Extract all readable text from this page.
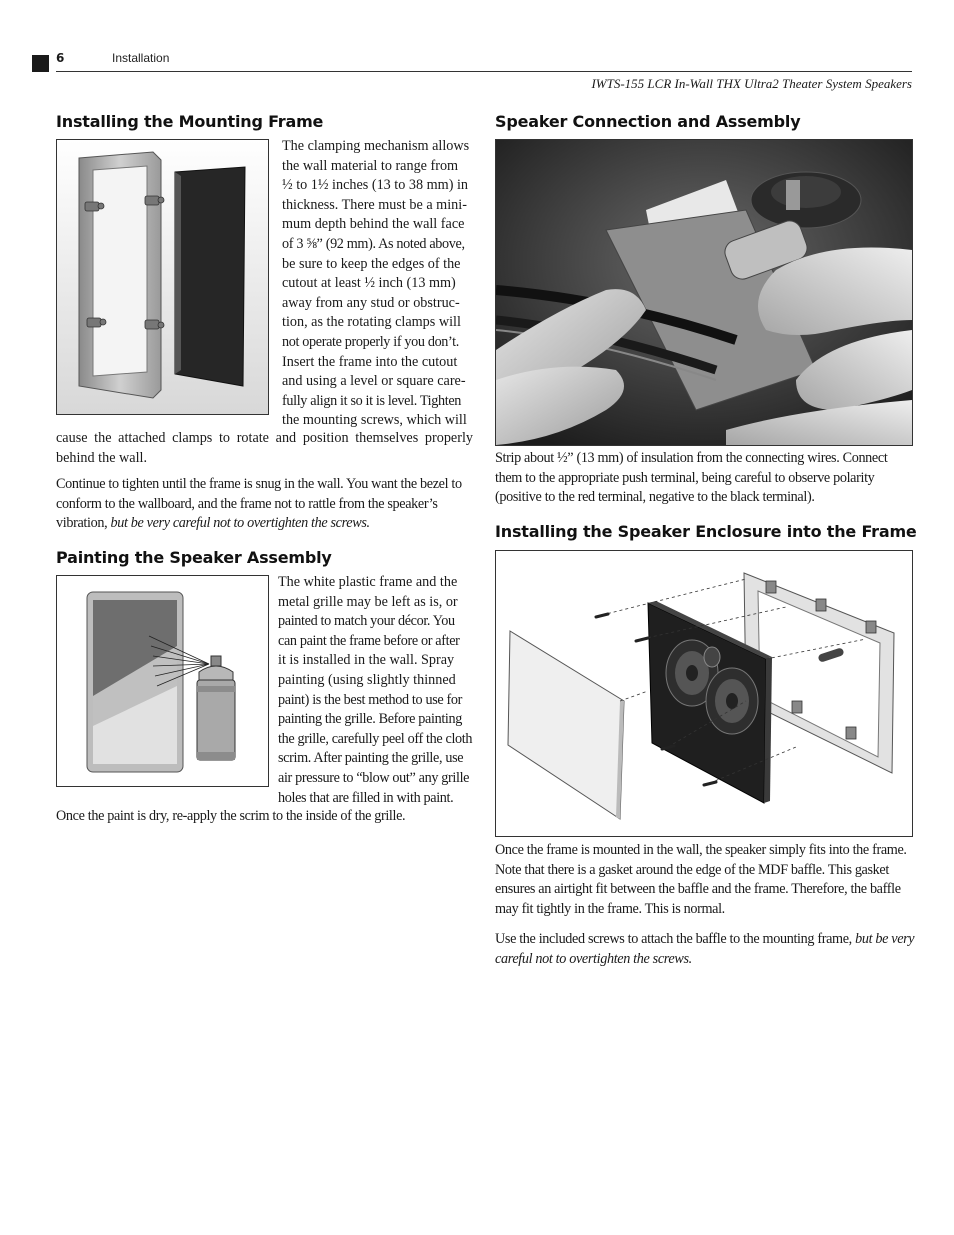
6	Installation
IWTS-155 LCR In-Wall THX Ultra2 Theater System Speakers
Installing the Mounting Frame
The clamping mechanism allows
the wall material to range from
½ to 1½ inches (13 to 38 mm) in
thickness. There must be a mini-
mum depth behind the wall face
of 3 ⅝” (92 mm). As noted above,
be sure to keep the edges of the
cutout at least ½ inch (13 mm)
away from any stud or obstruc-
tion, as the rotating clamps will
not operate properly if you don’t.
Insert the frame into the cutout
and using a level or square care-
fully align it so it is level. Tighten
the mounting screws, which will

cause the attached clamps to rotate and position themselves properly behind the wall.

Continue to tighten until the frame is snug in the wall. You want the bezel to conform to the wallboard, and the frame not to rattle from the speaker’s vibration, but be very careful not to overtighten the screws.

Painting the Speaker Assembly
The white plastic frame and the
metal grille may be left as is, or
painted to match your décor. You
can paint the frame before or after
it is installed in the wall. Spray
painting (using slightly thinned
paint) is the best method to use for
painting the grille. Before painting
the grille, carefully peel off the cloth
scrim. After painting the grille, use
air pressure to “blow out” any grille
holes that are filled in with paint.

Once the paint is dry, re-apply the scrim to the inside of the grille.

Speaker Connection and Assembly

Strip about ½” (13 mm) of insulation from the connecting wires. Connect them to the appropriate push terminal, being careful to observe polarity (positive to the red terminal, negative to the black terminal).

Installing the Speaker Enclosure into the Frame

Once the frame is mounted in the wall, the speaker simply fits into the frame. Note that there is a gasket around the edge of the MDF baffle. This gasket ensures an airtight fit between the baffle and the frame. Therefore, the baffle may fit tightly in the frame. This is normal.

Use the included screws to attach the baffle to the mounting frame, but be very careful not to overtighten the screws.
